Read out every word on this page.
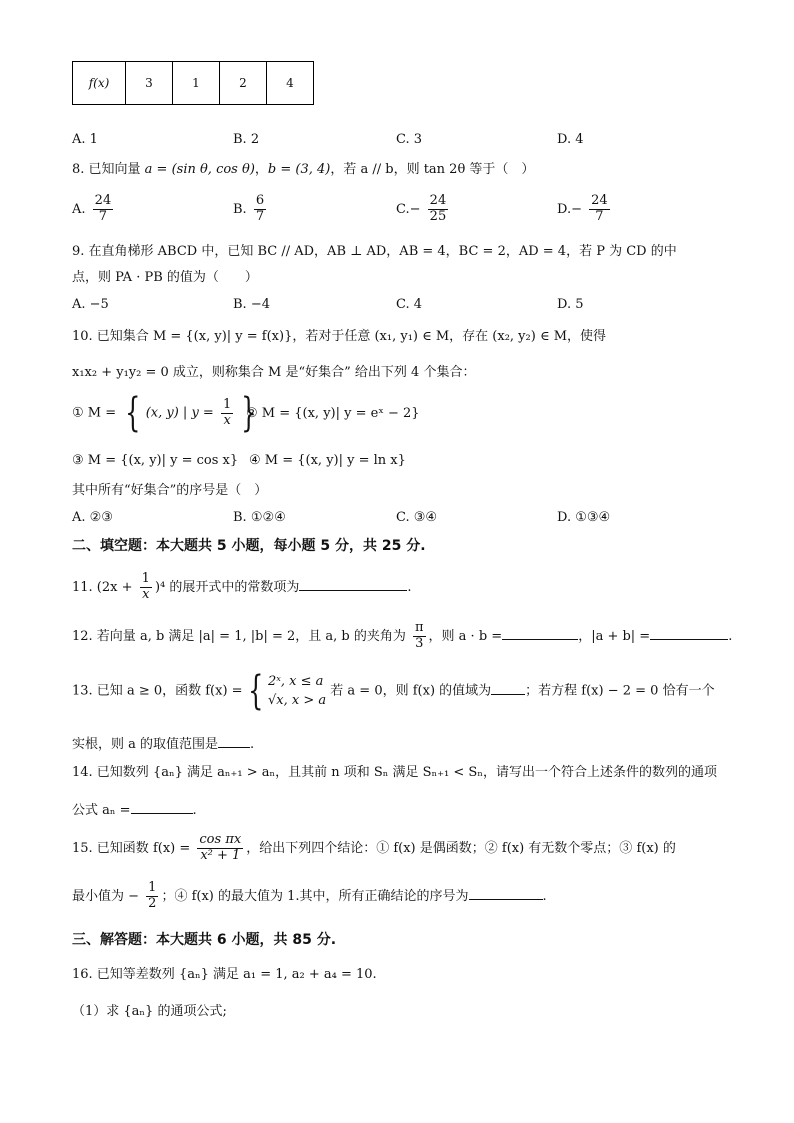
f(x)	3	1	2	4
A. 1	B. 2	C. 3	D. 4
8. 已知向量 a = (sin θ, cos θ)，b = (3, 4)，若 a // b，则 tan 2θ 等于（　）
A. $\frac{24}{7}$	B. $\frac{6}{7}$	$C.- \frac{24}{25}$	$D.- \frac{24}{7}$
9. 在直角梯形 ABCD 中，已知 BC // AD，AB ⊥ AD，AB = 4，BC = 2，AD = 4，若 P 为 CD 的中
点，则 PA · PB 的值为（　　）
A. −5	B. −4	C. 4	D. 5
10. 已知集合 M = {(x, y)| y = f(x)}，若对于任意 (x₁, y₁) ∈ M，存在 (x₂, y₂) ∈ M，使得
x₁x₂ + y₁y₂ = 0 成立，则称集合 M 是“好集合” 给出下列 4 个集合：
① M = { (x, y) | $y = \frac{1}{x}$ }
② M = {(x, y)| y = eˣ − 2}
③ M = {(x, y)| y = cos x} ④ M = {(x, y)| y = ln x}
其中所有“好集合”的序号是（　）
A. ②③	B. ①②④	C. ③④	D. ①③④
二、填空题：本大题共 5 小题，每小题 5 分，共 25 分.
11. $(2x + \frac{1}{x} )^4$ 的展开式中的常数项为	.
12. 若向量 a, b 满足 |a| = 1, |b| = 2，且 a, b 的夹角为 $\frac{\pi}{3}$ ，则 a · b =	，|a + b| =	.
13. 已知 a ≥ 0，函数 f(x) = { 2ˣ, x ≤ a
√x, x > a 若 a = 0，则 f(x) 的值域为	；若方程 f(x) − 2 = 0 恰有一个
实根，则 a 的取值范围是 .
14. 已知数列 {aₙ} 满足 aₙ₊₁ > aₙ，且其前 n 项和 Sₙ 满足 Sₙ₊₁ < Sₙ，请写出一个符合上述条件的数列的通项
公式 aₙ =	.
15. 已知函数 $f(x) = \frac{\text{cos πx}}{\text{x² + 1}}$ ，给出下列四个结论：① f(x) 是偶函数；② f(x) 有无数个零点；③ f(x) 的
最小值为 − $\frac{1}{2}$ ；④ f(x) 的最大值为 1.其中，所有正确结论的序号为	.
三、解答题：本大题共 6 小题，共 85 分.
16. 已知等差数列 {aₙ} 满足 a₁ = 1, a₂ + a₄ = 10.
（1）求 {aₙ} 的通项公式;
